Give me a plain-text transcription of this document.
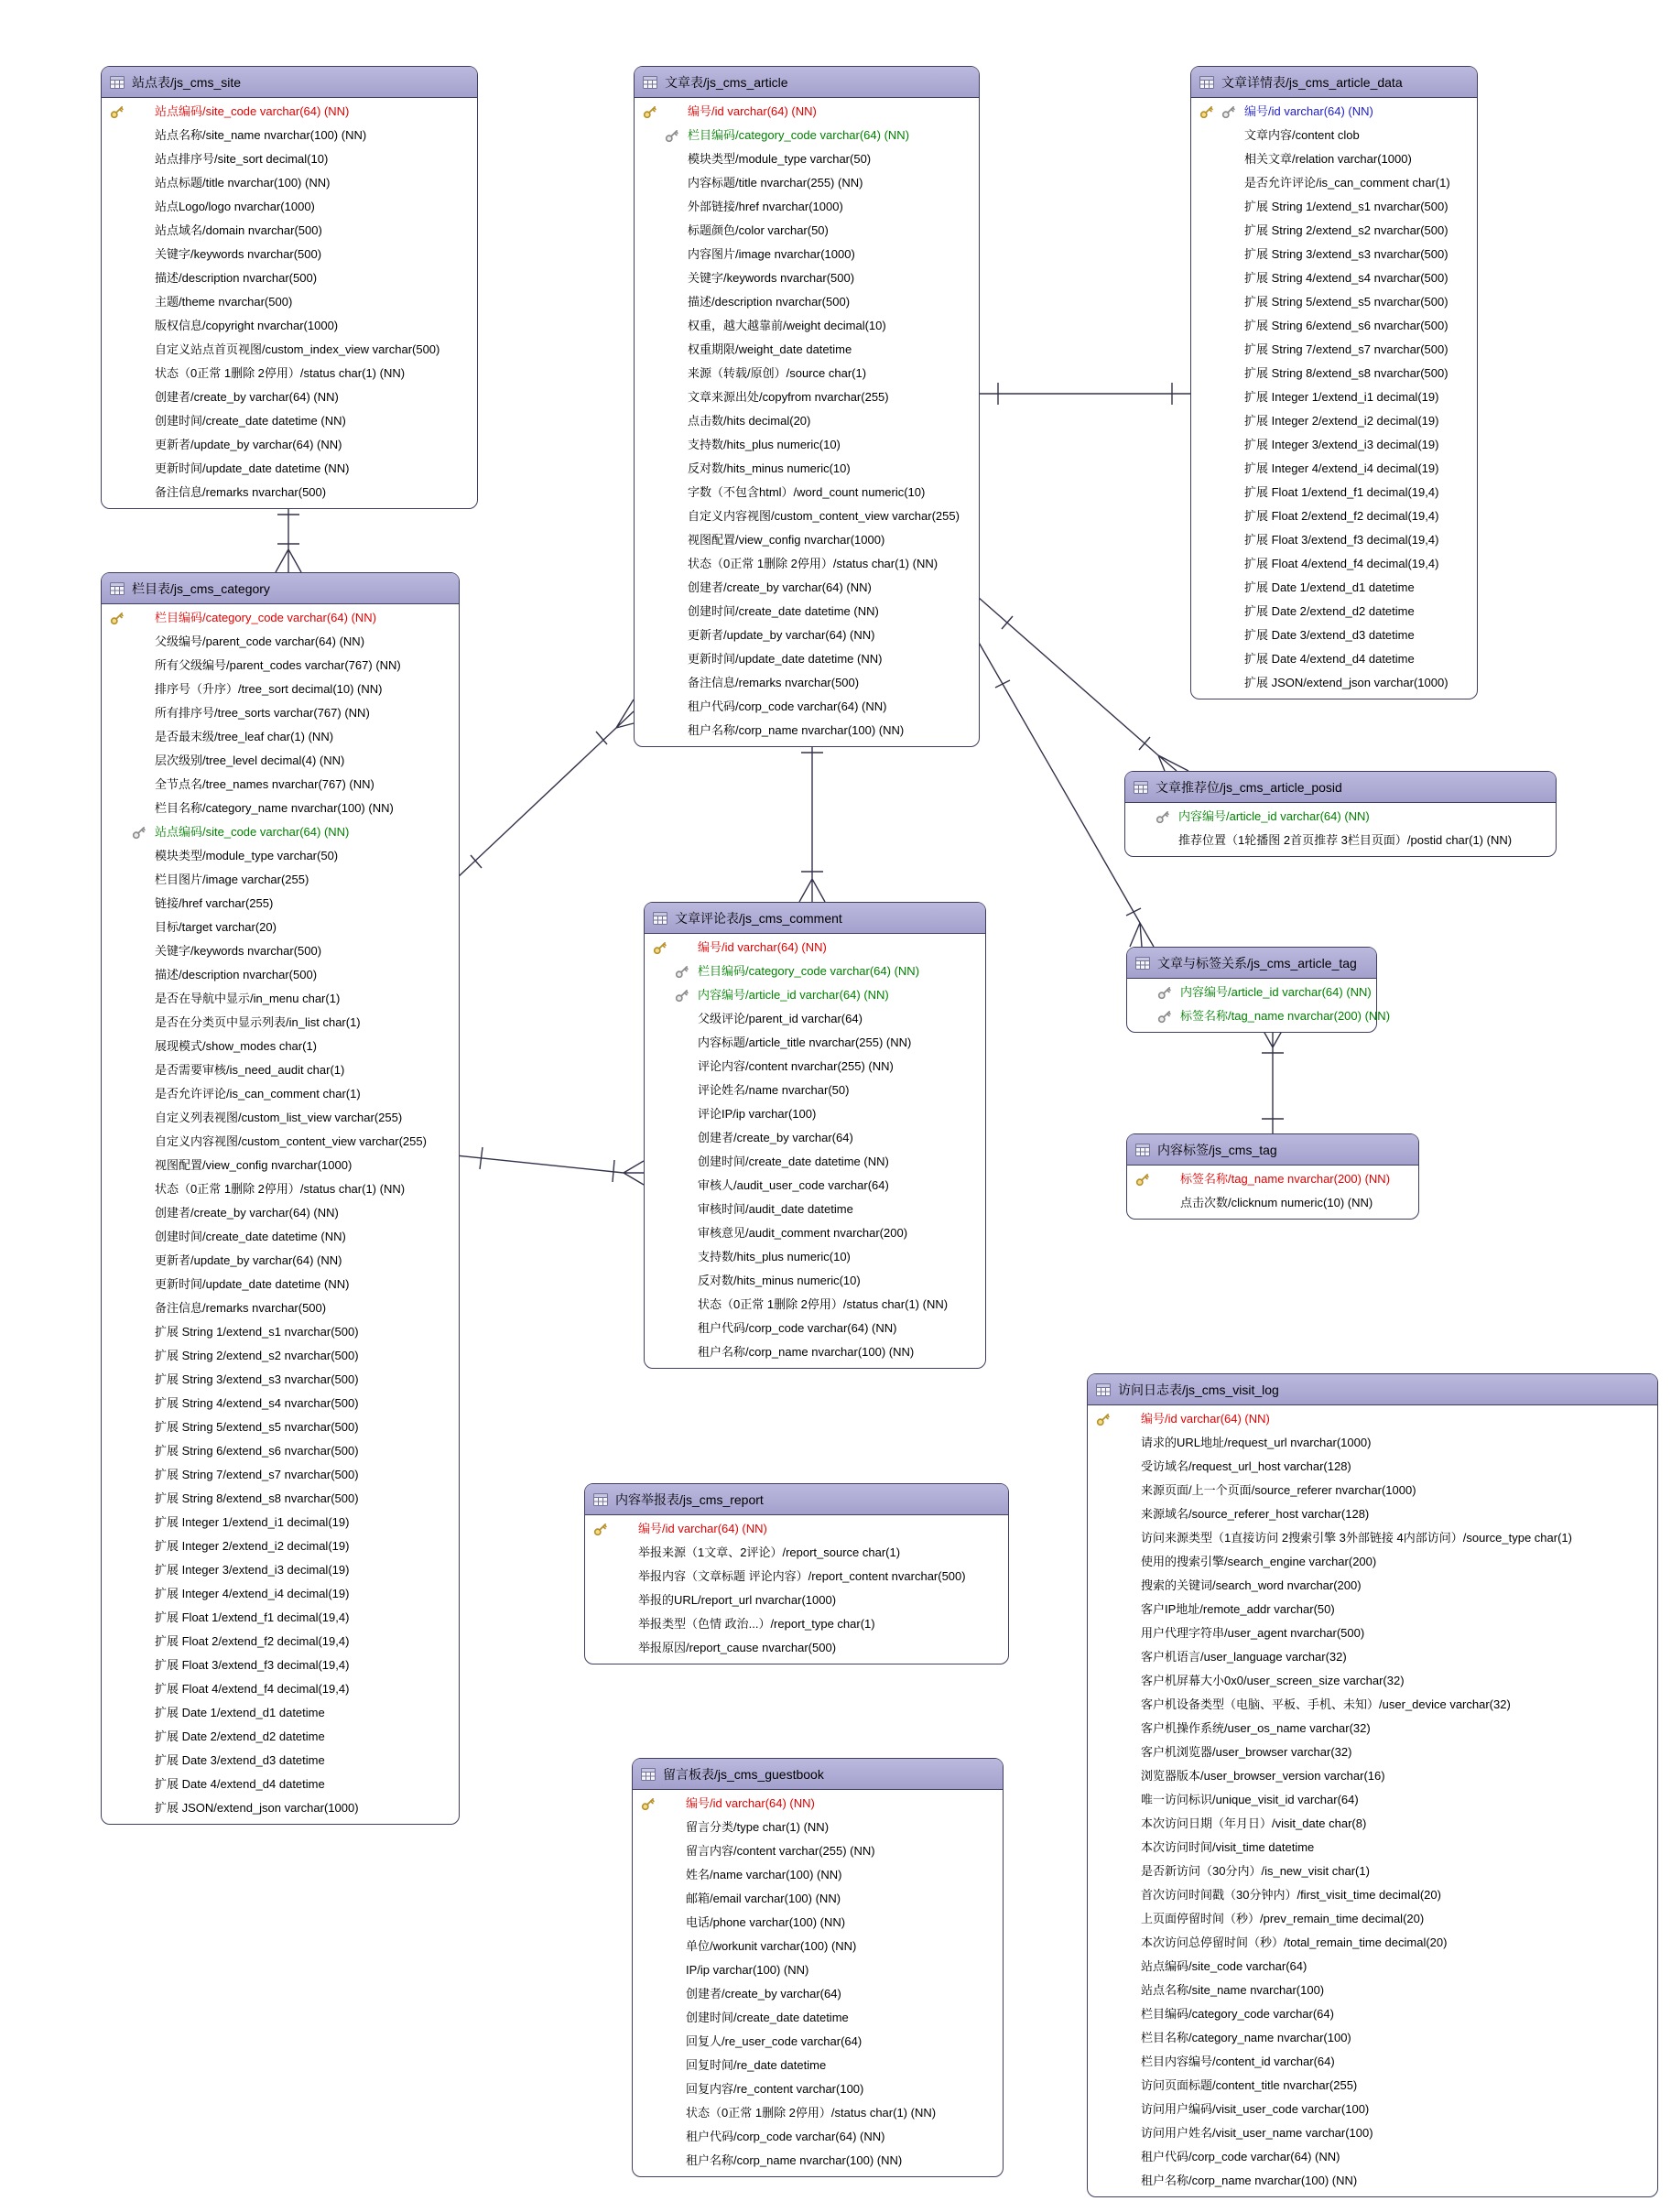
站点表/js_cms_site
站点编码/site_code varchar(64) (NN)
站点名称/site_name nvarchar(100) (NN)
站点排序号/site_sort decimal(10)
站点标题/title nvarchar(100) (NN)
站点Logo/logo nvarchar(1000)
站点域名/domain nvarchar(500)
关键字/keywords nvarchar(500)
描述/description nvarchar(500)
主题/theme nvarchar(500)
版权信息/copyright nvarchar(1000)
自定义站点首页视图/custom_index_view varchar(500)
状态（0正常 1删除 2停用）/status char(1) (NN)
创建者/create_by varchar(64) (NN)
创建时间/create_date datetime (NN)
更新者/update_by varchar(64) (NN)
更新时间/update_date datetime (NN)
备注信息/remarks nvarchar(500)
栏目表/js_cms_category
栏目编码/category_code varchar(64) (NN)
父级编号/parent_code varchar(64) (NN)
所有父级编号/parent_codes varchar(767) (NN)
排序号（升序）/tree_sort decimal(10) (NN)
所有排序号/tree_sorts varchar(767) (NN)
是否最末级/tree_leaf char(1) (NN)
层次级别/tree_level decimal(4) (NN)
全节点名/tree_names nvarchar(767) (NN)
栏目名称/category_name nvarchar(100) (NN)
站点编码/site_code varchar(64) (NN)
模块类型/module_type varchar(50)
栏目图片/image varchar(255)
链接/href varchar(255)
目标/target varchar(20)
关键字/keywords nvarchar(500)
描述/description nvarchar(500)
是否在导航中显示/in_menu char(1)
是否在分类页中显示列表/in_list char(1)
展现模式/show_modes char(1)
是否需要审核/is_need_audit char(1)
是否允许评论/is_can_comment char(1)
自定义列表视图/custom_list_view varchar(255)
自定义内容视图/custom_content_view varchar(255)
视图配置/view_config nvarchar(1000)
状态（0正常 1删除 2停用）/status char(1) (NN)
创建者/create_by varchar(64) (NN)
创建时间/create_date datetime (NN)
更新者/update_by varchar(64) (NN)
更新时间/update_date datetime (NN)
备注信息/remarks nvarchar(500)
扩展 String 1/extend_s1 nvarchar(500)
扩展 String 2/extend_s2 nvarchar(500)
扩展 String 3/extend_s3 nvarchar(500)
扩展 String 4/extend_s4 nvarchar(500)
扩展 String 5/extend_s5 nvarchar(500)
扩展 String 6/extend_s6 nvarchar(500)
扩展 String 7/extend_s7 nvarchar(500)
扩展 String 8/extend_s8 nvarchar(500)
扩展 Integer 1/extend_i1 decimal(19)
扩展 Integer 2/extend_i2 decimal(19)
扩展 Integer 3/extend_i3 decimal(19)
扩展 Integer 4/extend_i4 decimal(19)
扩展 Float 1/extend_f1 decimal(19,4)
扩展 Float 2/extend_f2 decimal(19,4)
扩展 Float 3/extend_f3 decimal(19,4)
扩展 Float 4/extend_f4 decimal(19,4)
扩展 Date 1/extend_d1 datetime
扩展 Date 2/extend_d2 datetime
扩展 Date 3/extend_d3 datetime
扩展 Date 4/extend_d4 datetime
扩展 JSON/extend_json varchar(1000)
文章表/js_cms_article
编号/id varchar(64) (NN)
栏目编码/category_code varchar(64) (NN)
模块类型/module_type varchar(50)
内容标题/title nvarchar(255) (NN)
外部链接/href nvarchar(1000)
标题颜色/color varchar(50)
内容图片/image nvarchar(1000)
关键字/keywords nvarchar(500)
描述/description nvarchar(500)
权重，越大越靠前/weight decimal(10)
权重期限/weight_date datetime
来源（转载/原创）/source char(1)
文章来源出处/copyfrom nvarchar(255)
点击数/hits decimal(20)
支持数/hits_plus numeric(10)
反对数/hits_minus numeric(10)
字数（不包含html）/word_count numeric(10)
自定义内容视图/custom_content_view varchar(255)
视图配置/view_config nvarchar(1000)
状态（0正常 1删除 2停用）/status char(1) (NN)
创建者/create_by varchar(64) (NN)
创建时间/create_date datetime (NN)
更新者/update_by varchar(64) (NN)
更新时间/update_date datetime (NN)
备注信息/remarks nvarchar(500)
租户代码/corp_code varchar(64) (NN)
租户名称/corp_name nvarchar(100) (NN)
文章详情表/js_cms_article_data
编号/id varchar(64) (NN)
文章内容/content clob
相关文章/relation varchar(1000)
是否允许评论/is_can_comment char(1)
扩展 String 1/extend_s1 nvarchar(500)
扩展 String 2/extend_s2 nvarchar(500)
扩展 String 3/extend_s3 nvarchar(500)
扩展 String 4/extend_s4 nvarchar(500)
扩展 String 5/extend_s5 nvarchar(500)
扩展 String 6/extend_s6 nvarchar(500)
扩展 String 7/extend_s7 nvarchar(500)
扩展 String 8/extend_s8 nvarchar(500)
扩展 Integer 1/extend_i1 decimal(19)
扩展 Integer 2/extend_i2 decimal(19)
扩展 Integer 3/extend_i3 decimal(19)
扩展 Integer 4/extend_i4 decimal(19)
扩展 Float 1/extend_f1 decimal(19,4)
扩展 Float 2/extend_f2 decimal(19,4)
扩展 Float 3/extend_f3 decimal(19,4)
扩展 Float 4/extend_f4 decimal(19,4)
扩展 Date 1/extend_d1 datetime
扩展 Date 2/extend_d2 datetime
扩展 Date 3/extend_d3 datetime
扩展 Date 4/extend_d4 datetime
扩展 JSON/extend_json varchar(1000)
文章推荐位/js_cms_article_posid
内容编号/article_id varchar(64) (NN)
推荐位置（1轮播图 2首页推荐 3栏目页面）/postid char(1) (NN)
文章与标签关系/js_cms_article_tag
内容编号/article_id varchar(64) (NN)
标签名称/tag_name nvarchar(200) (NN)
内容标签/js_cms_tag
标签名称/tag_name nvarchar(200) (NN)
点击次数/clicknum numeric(10) (NN)
文章评论表/js_cms_comment
编号/id varchar(64) (NN)
栏目编码/category_code varchar(64) (NN)
内容编号/article_id varchar(64) (NN)
父级评论/parent_id varchar(64)
内容标题/article_title nvarchar(255) (NN)
评论内容/content nvarchar(255) (NN)
评论姓名/name nvarchar(50)
评论IP/ip varchar(100)
创建者/create_by varchar(64)
创建时间/create_date datetime (NN)
审核人/audit_user_code varchar(64)
审核时间/audit_date datetime
审核意见/audit_comment nvarchar(200)
支持数/hits_plus numeric(10)
反对数/hits_minus numeric(10)
状态（0正常 1删除 2停用）/status char(1) (NN)
租户代码/corp_code varchar(64) (NN)
租户名称/corp_name nvarchar(100) (NN)
内容举报表/js_cms_report
编号/id varchar(64) (NN)
举报来源（1文章、2评论）/report_source char(1)
举报内容（文章标题 评论内容）/report_content nvarchar(500)
举报的URL/report_url nvarchar(1000)
举报类型（色情 政治...）/report_type char(1)
举报原因/report_cause nvarchar(500)
留言板表/js_cms_guestbook
编号/id varchar(64) (NN)
留言分类/type char(1) (NN)
留言内容/content varchar(255) (NN)
姓名/name varchar(100) (NN)
邮箱/email varchar(100) (NN)
电话/phone varchar(100) (NN)
单位/workunit varchar(100) (NN)
IP/ip varchar(100) (NN)
创建者/create_by varchar(64)
创建时间/create_date datetime
回复人/re_user_code varchar(64)
回复时间/re_date datetime
回复内容/re_content varchar(100)
状态（0正常 1删除 2停用）/status char(1) (NN)
租户代码/corp_code varchar(64) (NN)
租户名称/corp_name nvarchar(100) (NN)
访问日志表/js_cms_visit_log
编号/id varchar(64) (NN)
请求的URL地址/request_url nvarchar(1000)
受访域名/request_url_host varchar(128)
来源页面/上一个页面/source_referer nvarchar(1000)
来源域名/source_referer_host varchar(128)
访问来源类型（1直接访问 2搜索引擎 3外部链接 4内部访问）/source_type char(1)
使用的搜索引擎/search_engine varchar(200)
搜索的关键词/search_word nvarchar(200)
客户IP地址/remote_addr varchar(50)
用户代理字符串/user_agent nvarchar(500)
客户机语言/user_language varchar(32)
客户机屏幕大小0x0/user_screen_size varchar(32)
客户机设备类型（电脑、平板、手机、未知）/user_device varchar(32)
客户机操作系统/user_os_name varchar(32)
客户机浏览器/user_browser varchar(32)
浏览器版本/user_browser_version varchar(16)
唯一访问标识/unique_visit_id varchar(64)
本次访问日期（年月日）/visit_date char(8)
本次访问时间/visit_time datetime
是否新访问（30分内）/is_new_visit char(1)
首次访问时间戳（30分钟内）/first_visit_time decimal(20)
上页面停留时间（秒）/prev_remain_time decimal(20)
本次访问总停留时间（秒）/total_remain_time decimal(20)
站点编码/site_code varchar(64)
站点名称/site_name nvarchar(100)
栏目编码/category_code varchar(64)
栏目名称/category_name nvarchar(100)
栏目内容编号/content_id varchar(64)
访问页面标题/content_title nvarchar(255)
访问用户编码/visit_user_code varchar(100)
访问用户姓名/visit_user_name varchar(100)
租户代码/corp_code varchar(64) (NN)
租户名称/corp_name nvarchar(100) (NN)
